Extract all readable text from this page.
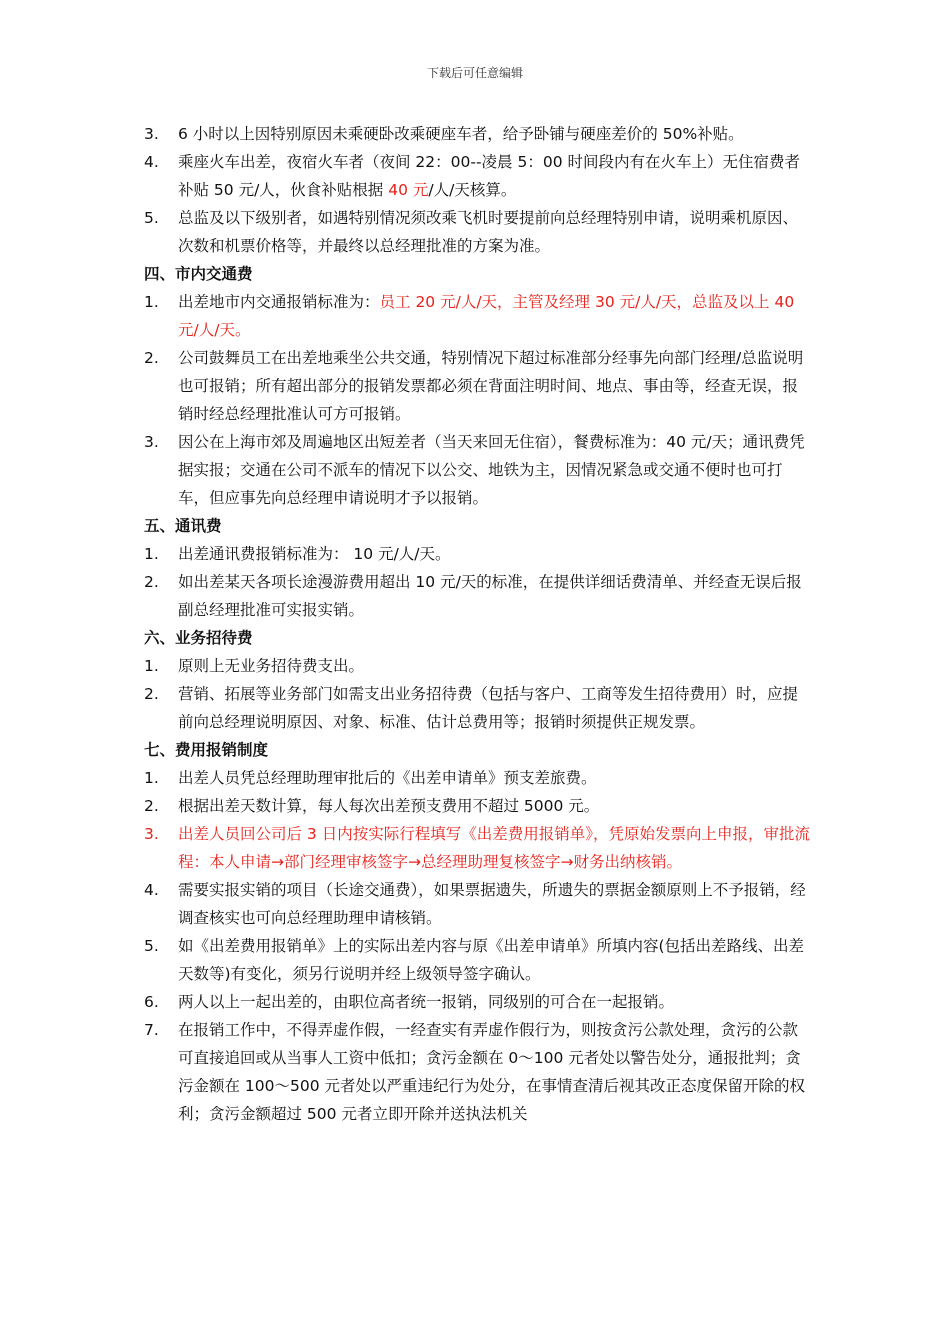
下载后可任意编辑
3. 6 小时以上因特别原因未乘硬卧改乘硬座车者，给予卧铺与硬座差价的 50%补贴。
4. 乘座火车出差，夜宿火车者（夜间 22：00--凌晨 5：00 时间段内有在火车上）无住宿费者补贴 50 元/人，伙食补贴根据 40 元/人/天核算。
5. 总监及以下级别者，如遇特别情况须改乘飞机时要提前向总经理特别申请，说明乘机原因、次数和机票价格等，并最终以总经理批准的方案为准。
四、市内交通费
1. 出差地市内交通报销标准为：员工 20 元/人/天，主管及经理 30 元/人/天，总监及以上 40 元/人/天。
2. 公司鼓舞员工在出差地乘坐公共交通，特别情况下超过标准部分经事先向部门经理/总监说明也可报销；所有超出部分的报销发票都必须在背面注明时间、地点、事由等，经查无误，报销时经总经理批准认可方可报销。
3. 因公在上海市郊及周遍地区出短差者（当天来回无住宿），餐费标准为：40 元/天；通讯费凭据实报；交通在公司不派车的情况下以公交、地铁为主，因情况紧急或交通不便时也可打车，但应事先向总经理申请说明才予以报销。
五、通讯费
1. 出差通讯费报销标准为： 10 元/人/天。
2. 如出差某天各项长途漫游费用超出 10 元/天的标准，在提供详细话费清单、并经查无误后报副总经理批准可实报实销。
六、业务招待费
1. 原则上无业务招待费支出。
2. 营销、拓展等业务部门如需支出业务招待费（包括与客户、工商等发生招待费用）时，应提前向总经理说明原因、对象、标准、估计总费用等；报销时须提供正规发票。
七、费用报销制度
1. 出差人员凭总经理助理审批后的《出差申请单》预支差旅费。
2. 根据出差天数计算，每人每次出差预支费用不超过 5000 元。
3. 出差人员回公司后 3 日内按实际行程填写《出差费用报销单》，凭原始发票向上申报，审批流程：本人申请→部门经理审核签字→总经理助理复核签字→财务出纳核销。
4. 需要实报实销的项目（长途交通费），如果票据遗失，所遗失的票据金额原则上不予报销，经调查核实也可向总经理助理申请核销。
5. 如《出差费用报销单》上的实际出差内容与原《出差申请单》所填内容(包括出差路线、出差天数等)有变化，须另行说明并经上级领导签字确认。
6. 两人以上一起出差的，由职位高者统一报销，同级别的可合在一起报销。
7. 在报销工作中，不得弄虚作假，一经查实有弄虚作假行为，则按贪污公款处理，贪污的公款可直接追回或从当事人工资中低扣；贪污金额在 0～100 元者处以警告处分，通报批判；贪污金额在 100～500 元者处以严重违纪行为处分，在事情查清后视其改正态度保留开除的权利；贪污金额超过 500 元者立即开除并送执法机关
